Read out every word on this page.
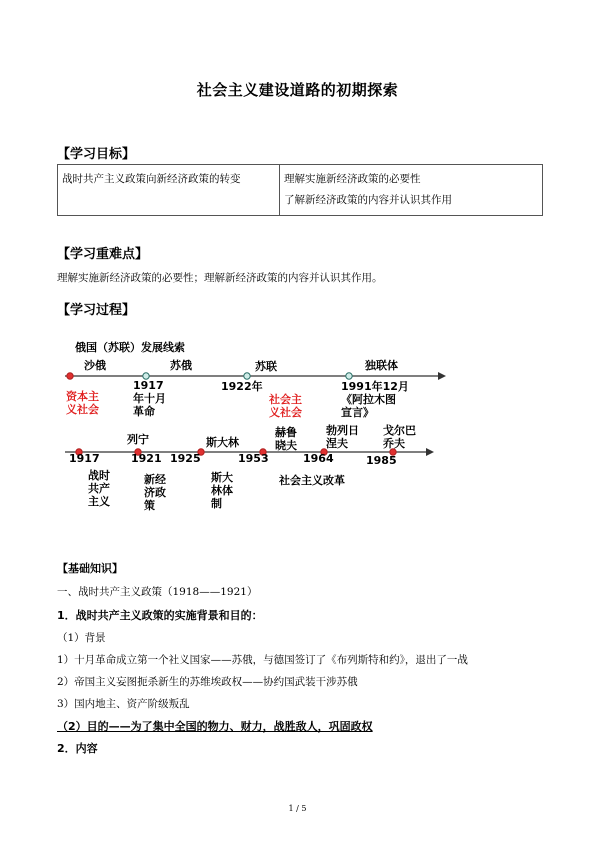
社会主义建设道路的初期探索
【学习目标】
战时共产主义政策向新经济政策的转变	理解实施新经济政策的必要性
了解新经济政策的内容并认识其作用
【学习重难点】
理解实施新经济政策的必要性；理解新经济政策的内容并认识其作用。
【学习过程】
俄国（苏联）发展线索
沙俄	苏俄	苏联	独联体
资本主
义社会
1917
年十月
革命
1922年
社会主
义社会
1991年12月
《阿拉木图
宣言》
列宁	斯大林
赫鲁
晓夫
勃列日
涅夫
戈尔巴
乔夫
1917	1921 1925	1953	1964	1985
战时
共产
主义
新经
济政
策
斯大
林体
制
社会主义改革
【基础知识】
一、战时共产主义政策（1918——1921）
1．战时共产主义政策的实施背景和目的：
（1）背景
1）十月革命成立第一个社义国家——苏俄，与德国签订了《布列斯特和约》，退出了一战
2）帝国主义妄图扼杀新生的苏维埃政权——协约国武装干涉苏俄
3）国内地主、资产阶级叛乱
（2）目的——为了集中全国的物力、财力，战胜敌人，巩固政权
2．内容
1 / 5
